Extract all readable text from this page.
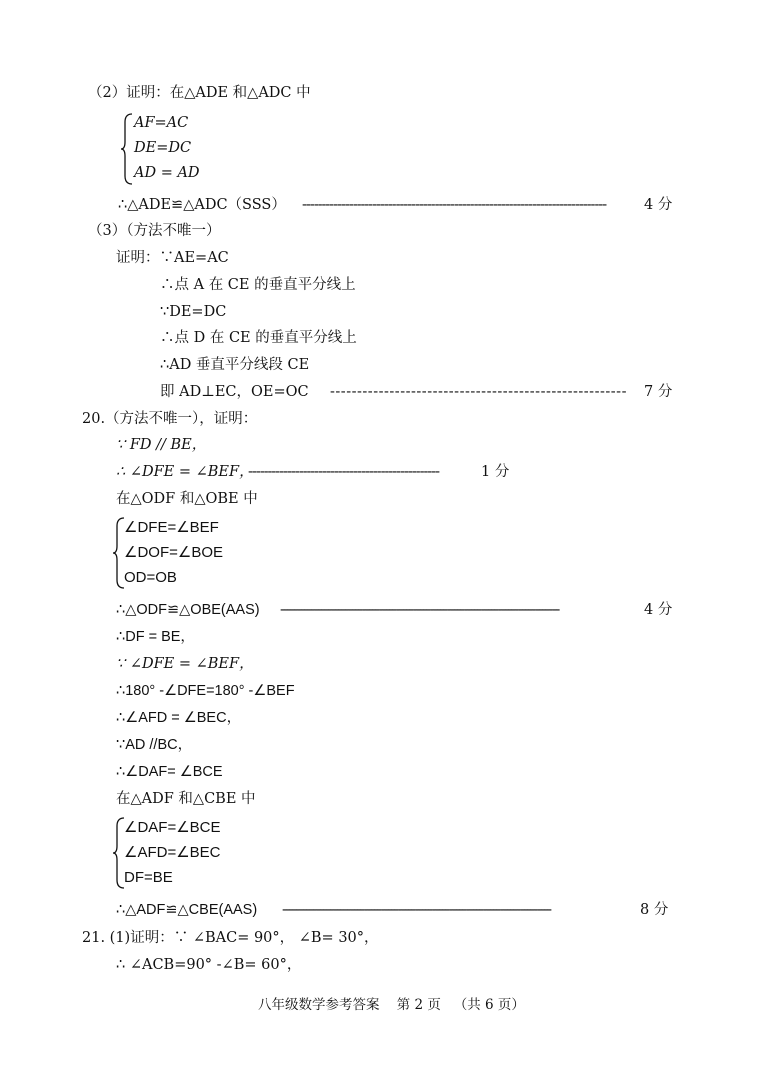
（2）证明：在△ADE 和△ADC 中
AF=AC
DE=DC
AD = AD
∴△ADE≌△ADC（SSS） ------------------------------------------------------------------------------	4 分
（3）（方法不唯一）
证明：∵AE=AC
∴点 A 在 CE 的垂直平分线上
∵DE=DC
∴点 D 在 CE 的垂直平分线上
∴AD 垂直平分线段 CE
即 AD⊥EC，OE=OC -------------------------------------------------------	7 分
20.（方法不唯一），证明：
∵ FD // BE，
∴ ∠DFE = ∠BEF，
-------------------------------------------------	1 分
在△ODF 和△OBE 中
∠DFE=∠BEF
∠DOF=∠BOE
OD=OB
∴△ODF≌△OBE(AAS) ----------------------------------------------------------------------------------	4 分
∴DF = BE，
∵ ∠DFE = ∠BEF，
∴180° -∠DFE=180° -∠BEF
∴∠AFD = ∠BEC，
∵AD //BC，
∴∠DAF= ∠BCE
在△ADF 和△CBE 中
∠DAF=∠BCE
∠AFD=∠BEC
DF=BE
∴△ADF≌△CBE(AAS) -------------------------------------------------------------------------------	8 分
21. (1)证明：∵ ∠BAC= 90°， ∠B= 30°，
∴ ∠ACB=90° -∠B= 60°，
八年级数学参考答案    第 2 页   （共 6 页）
